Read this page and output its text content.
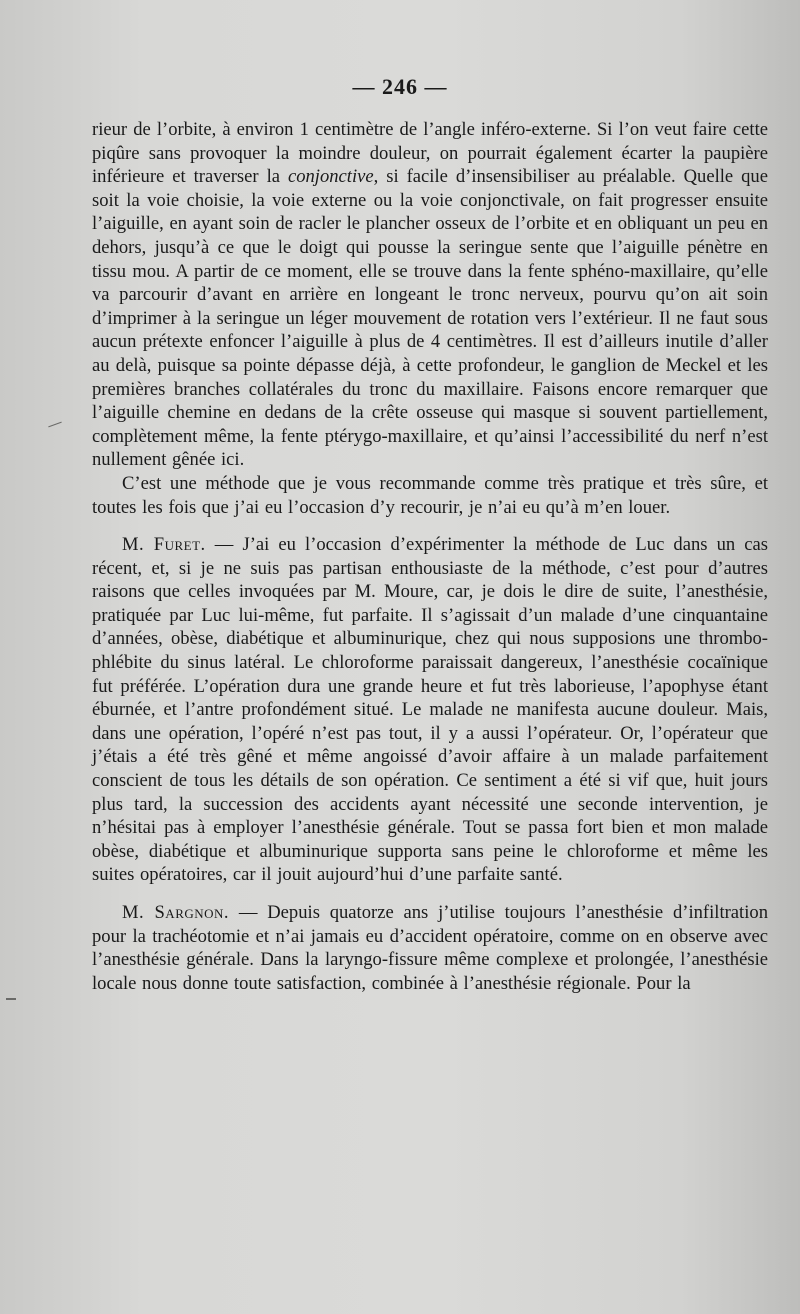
— 246 —

rieur de l’orbite, à environ 1 centimètre de l’angle inféro-externe. Si l’on veut faire cette piqûre sans provoquer la moindre douleur, on pourrait également écarter la paupière inférieure et traverser la conjonctive, si facile d’insensibiliser au préalable. Quelle que soit la voie choisie, la voie externe ou la voie conjonctivale, on fait progresser ensuite l’aiguille, en ayant soin de racler le plancher osseux de l’orbite et en obliquant un peu en dehors, jusqu’à ce que le doigt qui pousse la seringue sente que l’aiguille pénètre en tissu mou. A partir de ce moment, elle se trouve dans la fente sphéno-maxillaire, qu’elle va parcourir d’avant en arrière en longeant le tronc nerveux, pourvu qu’on ait soin d’imprimer à la seringue un léger mouvement de rotation vers l’extérieur. Il ne faut sous aucun prétexte enfoncer l’aiguille à plus de 4 centimètres. Il est d’ailleurs inutile d’aller au delà, puisque sa pointe dépasse déjà, à cette profondeur, le ganglion de Meckel et les premières branches collatérales du tronc du maxillaire. Faisons encore remarquer que l’aiguille chemine en dedans de la crête osseuse qui masque si souvent partiellement, complètement même, la fente ptérygo-maxillaire, et qu’ainsi l’accessibilité du nerf n’est nullement gênée ici.

C’est une méthode que je vous recommande comme très pratique et très sûre, et toutes les fois que j’ai eu l’occasion d’y recourir, je n’ai eu qu’à m’en louer.

M. Furet. — J’ai eu l’occasion d’expérimenter la méthode de Luc dans un cas récent, et, si je ne suis pas partisan enthousiaste de la méthode, c’est pour d’autres raisons que celles invoquées par M. Moure, car, je dois le dire de suite, l’anesthésie, pratiquée par Luc lui-même, fut parfaite. Il s’agissait d’un malade d’une cinquantaine d’années, obèse, diabétique et albuminurique, chez qui nous supposions une thrombo-phlébite du sinus latéral. Le chloroforme paraissait dangereux, l’anesthésie cocaïnique fut préférée. L’opération dura une grande heure et fut très laborieuse, l’apophyse étant éburnée, et l’antre profondément situé. Le malade ne manifesta aucune douleur. Mais, dans une opération, l’opéré n’est pas tout, il y a aussi l’opérateur. Or, l’opérateur que j’étais a été très gêné et même angoissé d’avoir affaire à un malade parfaitement conscient de tous les détails de son opération. Ce sentiment a été si vif que, huit jours plus tard, la succession des accidents ayant nécessité une seconde intervention, je n’hésitai pas à employer l’anesthésie générale. Tout se passa fort bien et mon malade obèse, diabétique et albuminurique supporta sans peine le chloroforme et même les suites opératoires, car il jouit aujourd’hui d’une parfaite santé.

M. Sargnon. — Depuis quatorze ans j’utilise toujours l’anesthésie d’infiltration pour la trachéotomie et n’ai jamais eu d’accident opératoire, comme on en observe avec l’anesthésie générale. Dans la laryngo-fissure même complexe et prolongée, l’anesthésie locale nous donne toute satisfaction, combinée à l’anesthésie régionale. Pour la
